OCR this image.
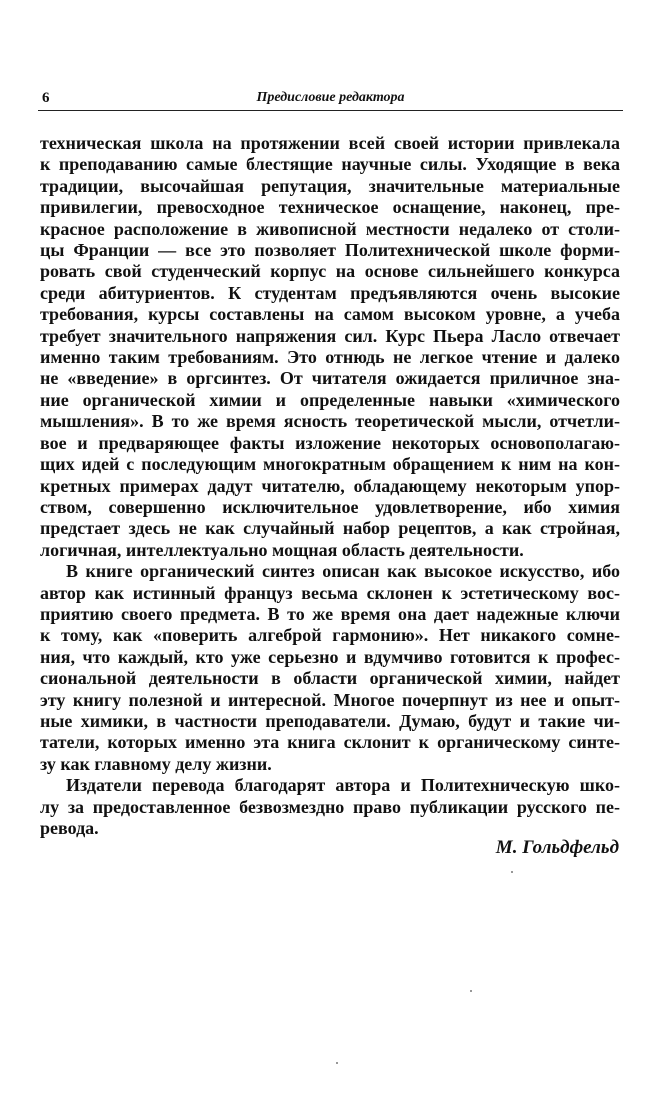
6	Предисловие редактора

техническая школа на протяжении всей своей истории привлекала
к преподаванию самые блестящие научные силы. Уходящие в века
традиции, высочайшая репутация, значительные материальные
привилегии, превосходное техническое оснащение, наконец, пре-
красное расположение в живописной местности недалеко от столи-
цы Франции — все это позволяет Политехнической школе форми-
ровать свой студенческий корпус на основе сильнейшего конкурса
среди абитуриентов. К студентам предъявляются очень высокие
требования, курсы составлены на самом высоком уровне, а учеба
требует значительного напряжения сил. Курс Пьера Ласло отвечает
именно таким требованиям. Это отнюдь не легкое чтение и далеко
не «введение» в оргсинтез. От читателя ожидается приличное зна-
ние органической химии и определенные навыки «химического
мышления». В то же время ясность теоретической мысли, отчетли-
вое и предваряющее факты изложение некоторых основополагаю-
щих идей с последующим многократным обращением к ним на кон-
кретных примерах дадут читателю, обладающему некоторым упор-
ством, совершенно исключительное удовлетворение, ибо химия
предстает здесь не как случайный набор рецептов, а как стройная,
логичная, интеллектуально мощная область деятельности.

В книге органический синтез описан как высокое искусство, ибо
автор как истинный француз весьма склонен к эстетическому вос-
приятию своего предмета. В то же время она дает надежные ключи
к тому, как «поверить алгеброй гармонию». Нет никакого сомне-
ния, что каждый, кто уже серьезно и вдумчиво готовится к профес-
сиональной деятельности в области органической химии, найдет
эту книгу полезной и интересной. Многое почерпнут из нее и опыт-
ные химики, в частности преподаватели. Думаю, будут и такие чи-
татели, которых именно эта книга склонит к органическому синте-
зу как главному делу жизни.

Издатели перевода благодарят автора и Политехническую шко-
лу за предоставленное безвозмездно право публикации русского пе-
ревода.

М. Гольдфельд
